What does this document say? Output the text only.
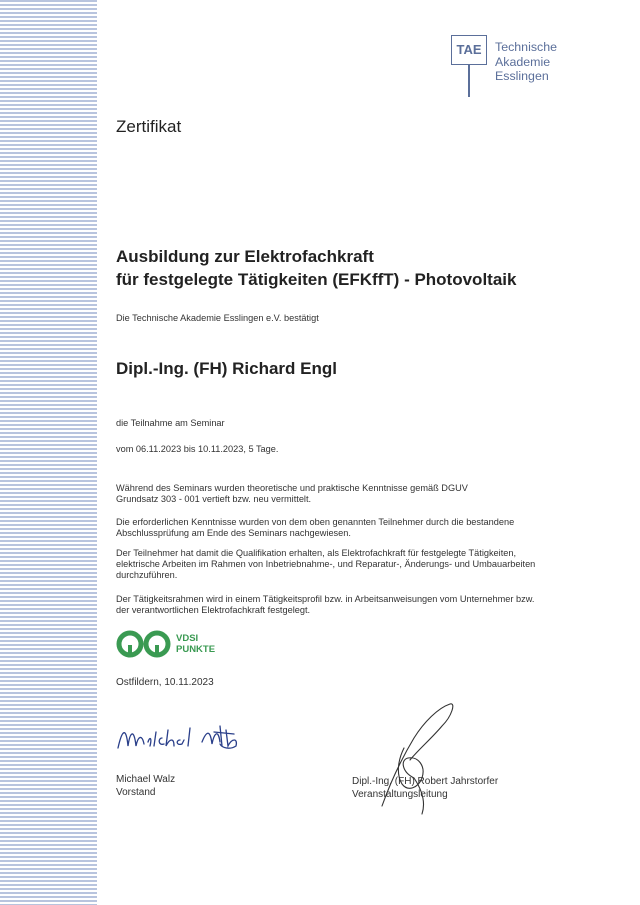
TAE	Technische
Akademie
Esslingen
Zertifikat
Ausbildung zur Elektrofachkraft
für festgelegte Tätigkeiten (EFKffT) - Photovoltaik
Die Technische Akademie Esslingen e.V. bestätigt
Dipl.-Ing. (FH) Richard Engl
die Teilnahme am Seminar
vom 06.11.2023 bis 10.11.2023, 5 Tage.
Während des Seminars wurden theoretische und praktische Kenntnisse gemäß DGUV
Grundsatz 303 - 001 vertieft bzw. neu vermittelt.
Die erforderlichen Kenntnisse wurden von dem oben genannten Teilnehmer durch die bestandene
Abschlussprüfung am Ende des Seminars nachgewiesen.
Der Teilnehmer hat damit die Qualifikation erhalten, als Elektrofachkraft für festgelegte Tätigkeiten,
elektrische Arbeiten im Rahmen von Inbetriebnahme-, und Reparatur-, Änderungs- und Umbauarbeiten
durchzuführen.
Der Tätigkeitsrahmen wird in einem Tätigkeitsprofil bzw. in Arbeitsanweisungen vom Unternehmer bzw.
der verantwortlichen Elektrofachkraft festgelegt.
VDSI
PUNKTE
Ostfildern, 10.11.2023
Michael Walz
Vorstand
Dipl.-Ing. (FH) Robert Jahrstorfer
Veranstaltungsleitung
